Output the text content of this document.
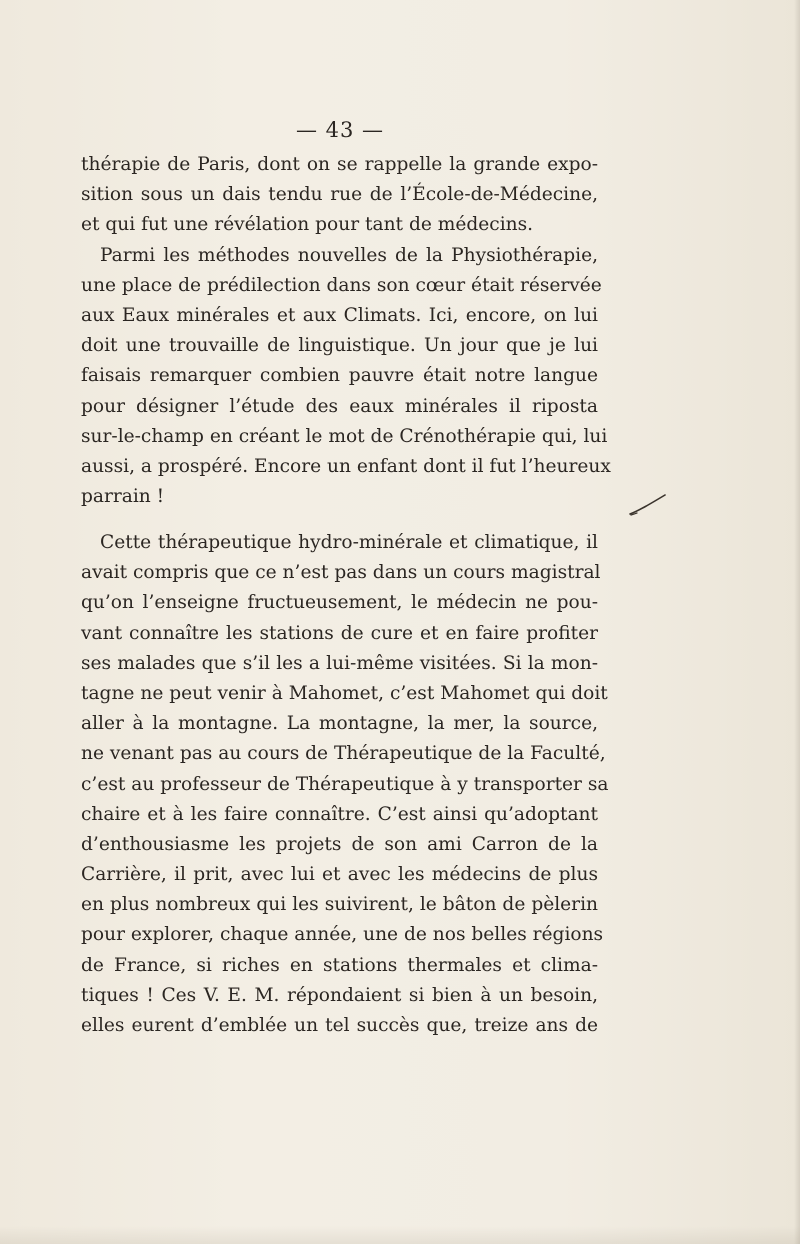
— 43 —
thérapie de Paris, dont on se rappelle la grande expo-
sition sous un dais tendu rue de l’École-de-Médecine,
et qui fut une révélation pour tant de médecins.
Parmi les méthodes nouvelles de la Physiothérapie,
une place de prédilection dans son cœur était réservée
aux Eaux minérales et aux Climats. Ici, encore, on lui
doit une trouvaille de linguistique. Un jour que je lui
faisais remarquer combien pauvre était notre langue
pour désigner l’étude des eaux minérales il riposta
sur-le-champ en créant le mot de Crénothérapie qui, lui
aussi, a prospéré. Encore un enfant dont il fut l’heureux
parrain !
Cette thérapeutique hydro-minérale et climatique, il
avait compris que ce n’est pas dans un cours magistral
qu’on l’enseigne fructueusement, le médecin ne pou-
vant connaître les stations de cure et en faire profiter
ses malades que s’il les a lui-même visitées. Si la mon-
tagne ne peut venir à Mahomet, c’est Mahomet qui doit
aller à la montagne. La montagne, la mer, la source,
ne venant pas au cours de Thérapeutique de la Faculté,
c’est au professeur de Thérapeutique à y transporter sa
chaire et à les faire connaître. C’est ainsi qu’adoptant
d’enthousiasme les projets de son ami Carron de la
Carrière, il prit, avec lui et avec les médecins de plus
en plus nombreux qui les suivirent, le bâton de pèlerin
pour explorer, chaque année, une de nos belles régions
de France, si riches en stations thermales et clima-
tiques ! Ces V. E. M. répondaient si bien à un besoin,
elles eurent d’emblée un tel succès que, treize ans de
